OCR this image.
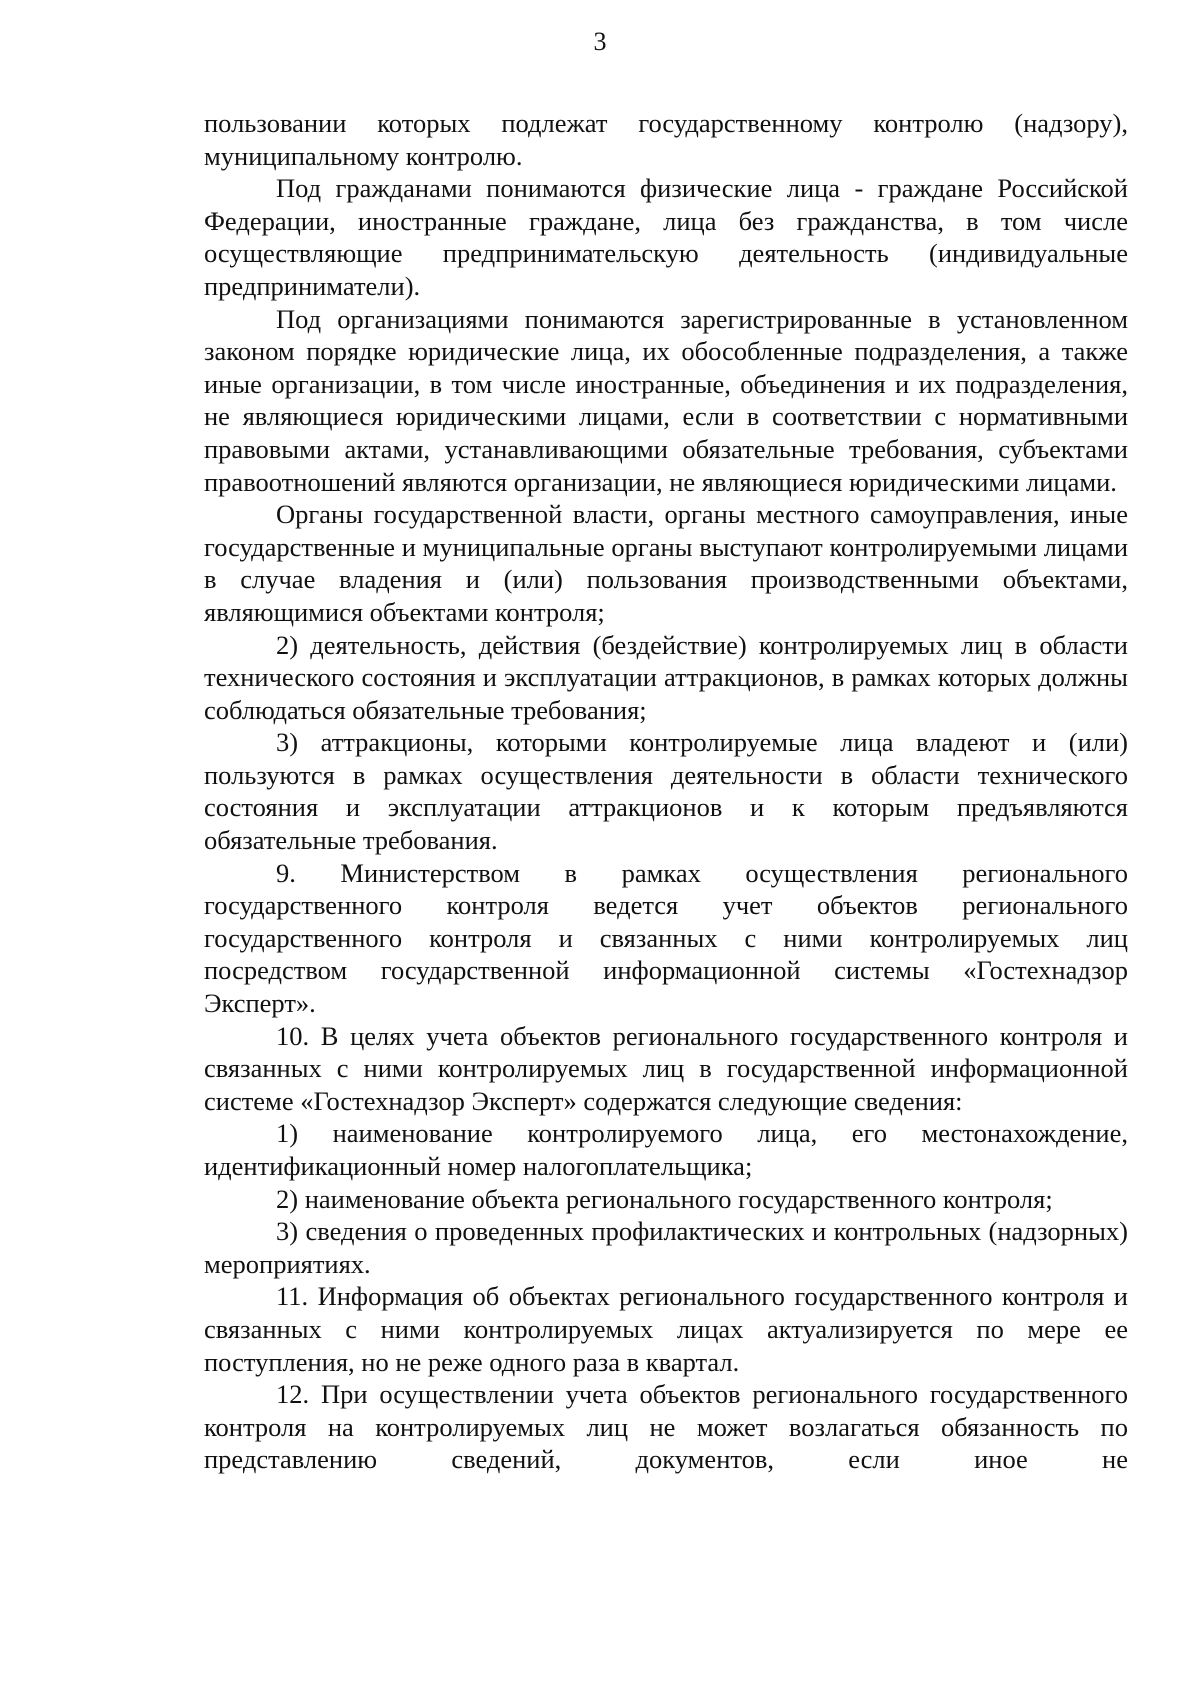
3

пользовании которых подлежат государственному контролю (надзору), муниципальному контролю.

Под гражданами понимаются физические лица - граждане Российской Федерации, иностранные граждане, лица без гражданства, в том числе осуществляющие предпринимательскую деятельность (индивидуальные предприниматели).

Под организациями понимаются зарегистрированные в установленном законом порядке юридические лица, их обособленные подразделения, а также иные организации, в том числе иностранные, объединения и их подразделения, не являющиеся юридическими лицами, если в соответствии с нормативными правовыми актами, устанавливающими обязательные требования, субъектами правоотношений являются организации, не являющиеся юридическими лицами.

Органы государственной власти, органы местного самоуправления, иные государственные и муниципальные органы выступают контролируемыми лицами в случае владения и (или) пользования производственными объектами, являющимися объектами контроля;

2) деятельность, действия (бездействие) контролируемых лиц в области технического состояния и эксплуатации аттракционов, в рамках которых должны соблюдаться обязательные требования;

3) аттракционы, которыми контролируемые лица владеют и (или) пользуются в рамках осуществления деятельности в области технического состояния и эксплуатации аттракционов и к которым предъявляются обязательные требования.

9. Министерством в рамках осуществления регионального государственного контроля ведется учет объектов регионального государственного контроля и связанных с ними контролируемых лиц посредством государственной информационной системы «Гостехнадзор Эксперт».

10. В целях учета объектов регионального государственного контроля и связанных с ними контролируемых лиц в государственной информационной системе «Гостехнадзор Эксперт» содержатся следующие сведения:

1) наименование контролируемого лица, его местонахождение, идентификационный номер налогоплательщика;

2) наименование объекта регионального государственного контроля;

3) сведения о проведенных профилактических и контрольных (надзорных) мероприятиях.

11. Информация об объектах регионального государственного контроля и связанных с ними контролируемых лицах актуализируется по мере ее поступления, но не реже одного раза в квартал.

12. При осуществлении учета объектов регионального государственного контроля на контролируемых лиц не может возлагаться обязанность по представлению сведений, документов, если иное не
